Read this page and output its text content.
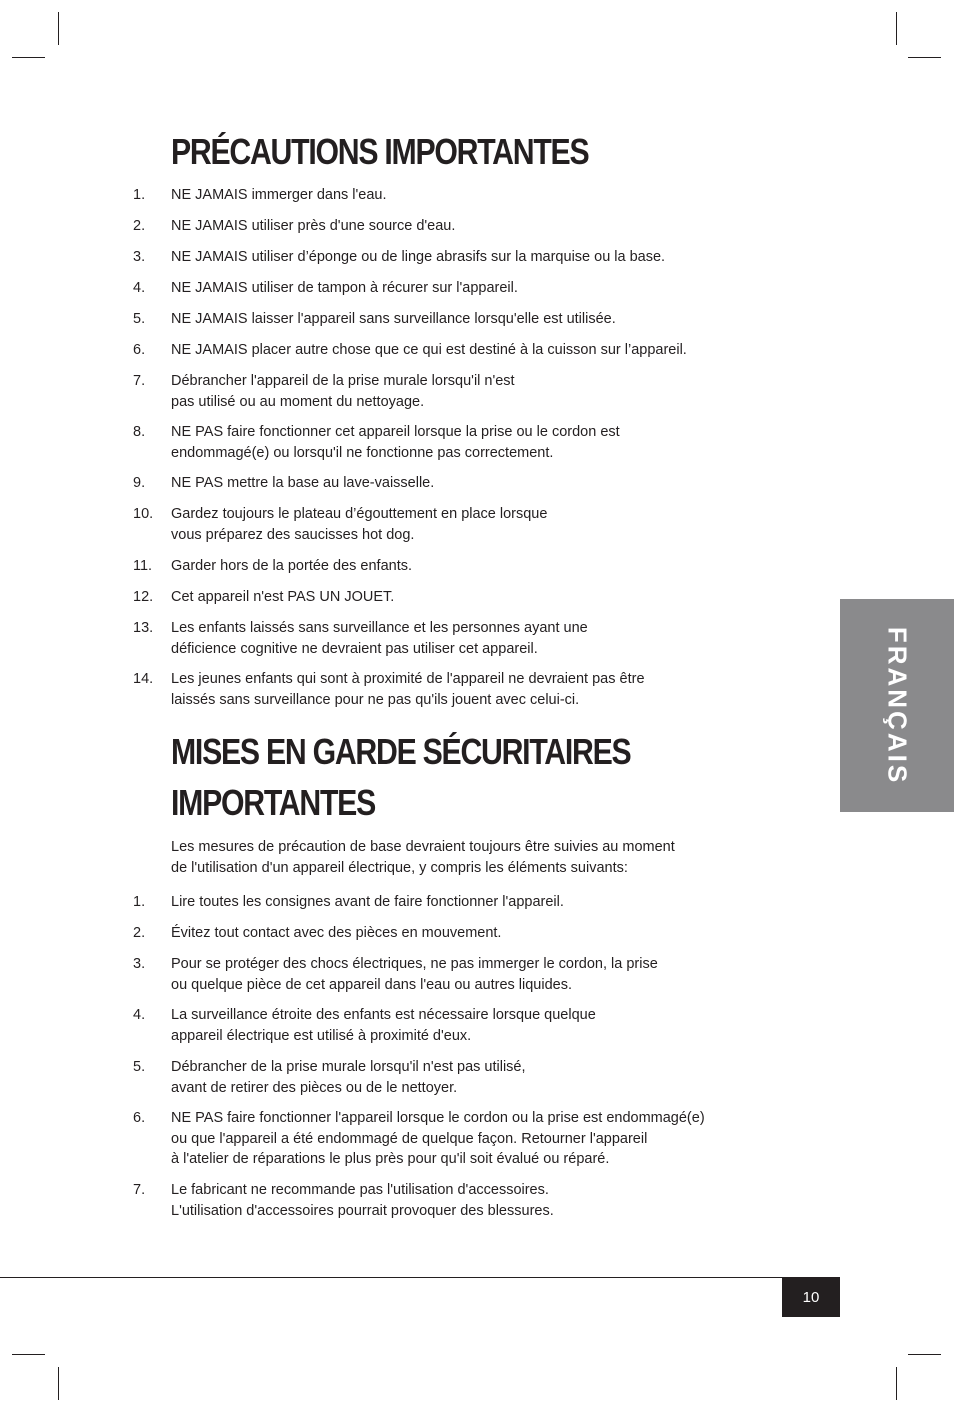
PRÉCAUTIONS IMPORTANTES
1. NE JAMAIS immerger dans l'eau.
2. NE JAMAIS utiliser près d'une source d'eau.
3. NE JAMAIS utiliser d’éponge ou de linge abrasifs sur la marquise ou la base.
4. NE JAMAIS utiliser de tampon à récurer sur l'appareil.
5. NE JAMAIS laisser l'appareil sans surveillance lorsqu'elle est utilisée.
6. NE JAMAIS placer autre chose que ce qui est destiné à la cuisson sur l’appareil.
7. Débrancher l'appareil de la prise murale lorsqu'il n'est
pas utilisé ou au moment du nettoyage.
8. NE PAS faire fonctionner cet appareil lorsque la prise ou le cordon est
endommagé(e) ou lorsqu'il ne fonctionne pas correctement.
9. NE PAS mettre la base au lave-vaisselle.
10. Gardez toujours le plateau d’égouttement en place lorsque
vous préparez des saucisses hot dog.
11. Garder hors de la portée des enfants.
12. Cet appareil n'est PAS UN JOUET.
13. Les enfants laissés sans surveillance et les personnes ayant une
déficience cognitive ne devraient pas utiliser cet appareil.
14. Les jeunes enfants qui sont à proximité de l'appareil ne devraient pas être
laissés sans surveillance pour ne pas qu'ils jouent avec celui-ci.
MISES EN GARDE SÉCURITAIRES
IMPORTANTES

Les mesures de précaution de base devraient toujours être suivies au moment
de l'utilisation d'un appareil électrique, y compris les éléments suivants:

1. Lire toutes les consignes avant de faire fonctionner l'appareil.
2. Évitez tout contact avec des pièces en mouvement.
3. Pour se protéger des chocs électriques, ne pas immerger le cordon, la prise
ou quelque pièce de cet appareil dans l'eau ou autres liquides.
4. La surveillance étroite des enfants est nécessaire lorsque quelque
appareil électrique est utilisé à proximité d'eux.
5. Débrancher de la prise murale lorsqu'il n'est pas utilisé,
avant de retirer des pièces ou de le nettoyer.
6. NE PAS faire fonctionner l'appareil lorsque le cordon ou la prise est endommagé(e)
ou que l'appareil a été endommagé de quelque façon. Retourner l'appareil
à l'atelier de réparations le plus près pour qu'il soit évalué ou réparé.
7. Le fabricant ne recommande pas l'utilisation d'accessoires.
L'utilisation d'accessoires pourrait provoquer des blessures.
FRANÇAIS
10
